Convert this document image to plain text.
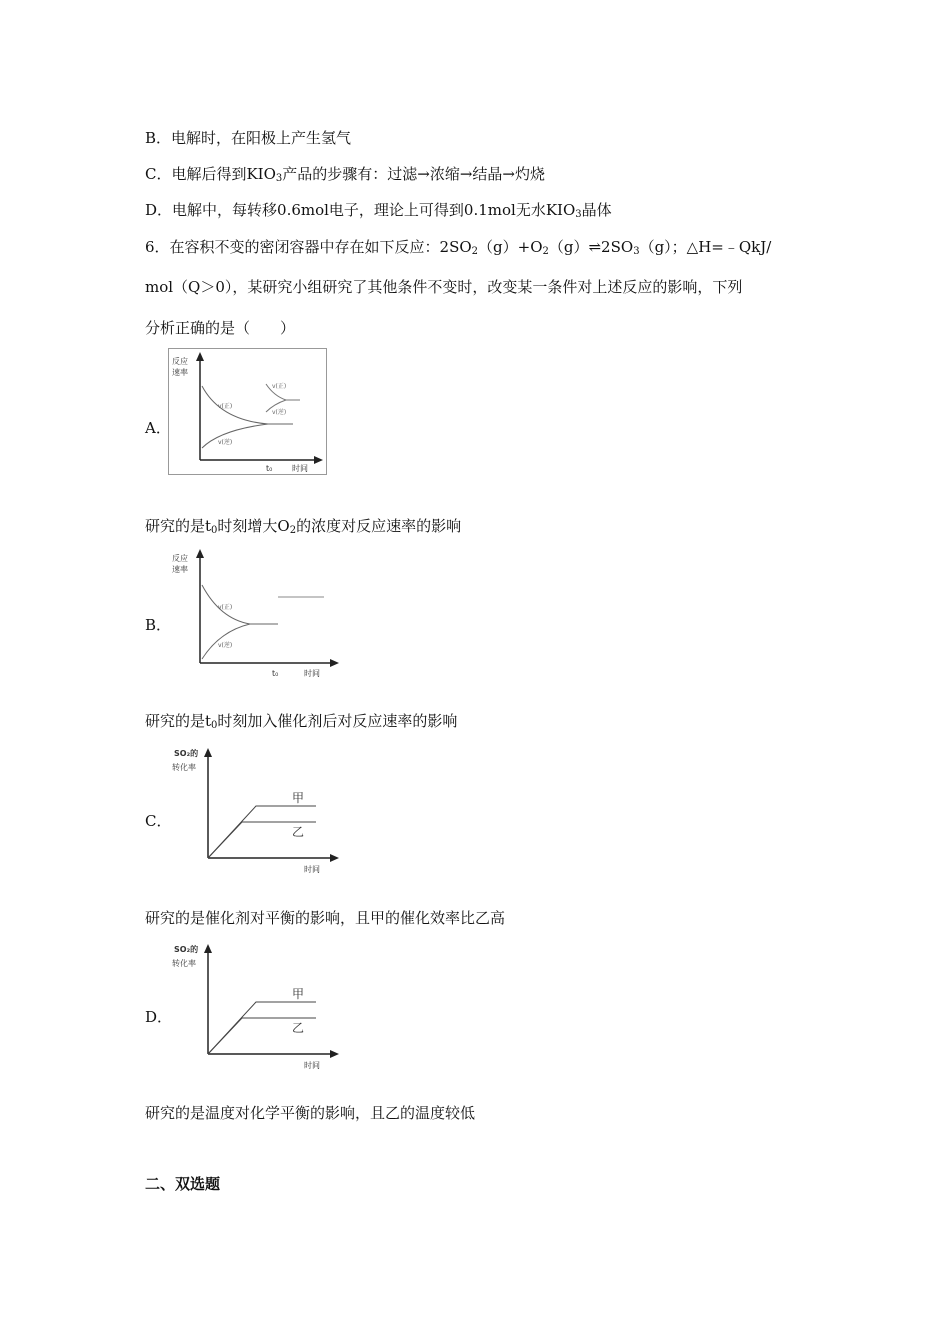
B．电解时，在阳极上产生氢气
C．电解后得到$KIO_3$产品的步骤有：过滤→浓缩→结晶→灼烧
D．电解中，每转移0.6mol电子，理论上可得到0.1mol无水$KIO_3$晶体
6．在容积不变的密闭容器中存在如下反应：$2SO_2(g)+O_2(g)\rightleftharpoons 2SO_3(g)$；△H=﹣QkJ/
mol（Q＞0），某研究小组研究了其他条件不变时，改变某一条件对上述反应的影响，下列
分析正确的是（　　）
A．
反应
速率
v(正)
v(逆)
v(正)
v(逆)
t₀ 时间
研究的是$t_0$时刻增大$O_2$的浓度对反应速率的影响
B．
反应
速率
v(正)
v(逆)
t₀	时间
研究的是$t_0$时刻加入催化剂后对反应速率的影响
C．
SO₂的
转化率
甲
乙
时间
研究的是催化剂对平衡的影响，且甲的催化效率比乙高
D．
SO₂的
转化率
甲
乙
时间
研究的是温度对化学平衡的影响，且乙的温度较低
二、双选题
